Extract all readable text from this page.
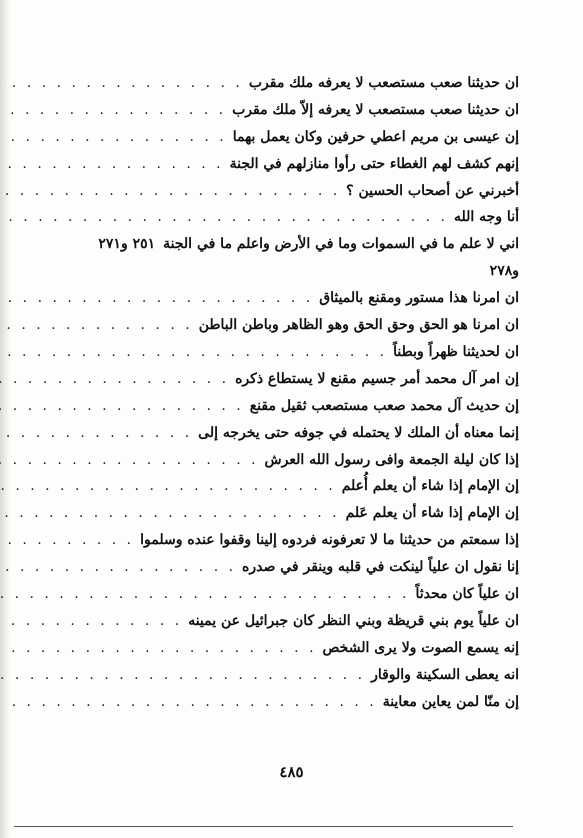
ان حديثنا صعب مستصعب لا يعرفه ملك مقرب
. . .
ان حديثنا صعب مستصعب لا يعرفه إلاّ ملك مقرب
. . .
إن عيسى بن مريم اعطي حرفين وكان يعمل بهما
. . .
إنهم كشف لهم الغطاء حتى رأوا منازلهم في الجنة
. . .
أخبرني عن أصحاب الحسين ؟
. . .
أنا وجه الله
. . .
اني لا علم ما في السموات وما في الأرض واعلم ما في الجنة٢٥١ و٢٧١ و٢٧٨
ان امرنا هذا مستور ومقنع بالميثاق
. . .
ان امرنا هو الحق وحق الحق وهو الظاهر وباطن الباطن
. . .
ان لحديثنا ظهراً وبطناً
. . .
إن امر آل محمد أمر جسيم مقنع لا يستطاع ذكره
. . .
إن حديث آل محمد صعب مستصعب ثقيل مقنع
. . .
إنما معناه أن الملك لا يحتمله في جوفه حتى يخرجه إلى
. . .
إذا كان ليلة الجمعة وافى رسول الله العرش
. . .
إن الإمام إذا شاء أن يعلم أُعلم
. . .
إن الإمام إذا شاء أن يعلم عَلم
. . .
إذا سمعتم من حديثنا ما لا تعرفونه فردوه إلينا وقفوا عنده وسلموا
. . .
إنا نقول ان علياً لينكت في قلبه وينقر في صدره
. . .
ان علياً كان محدثاً
. . .
ان علياً يوم بني قريظة وبني النظر كان جبرائيل عن يمينه
. . .
إنه يسمع الصوت ولا يرى الشخص
. . .
انه يعطى السكينة والوقار
. . .
إن منّا لمن يعاين معاينة
. . .
٤٨٥
